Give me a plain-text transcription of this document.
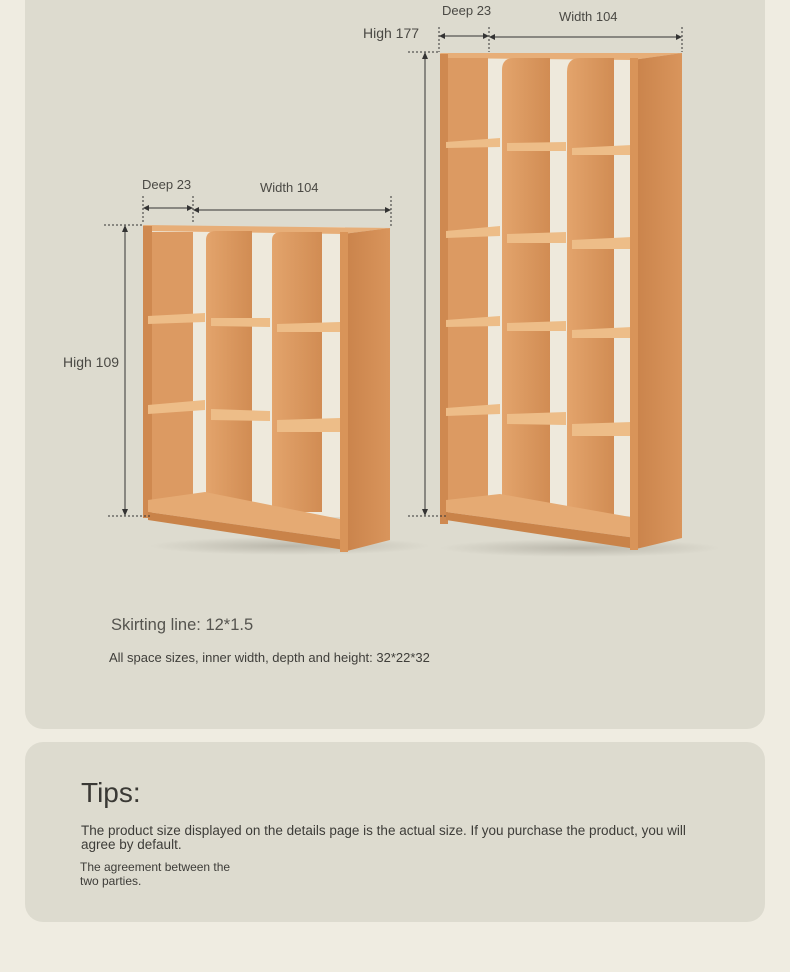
Deep 23	Width 104
High 109
Deep 23	Width 104
High 177
Skirting line: 12*1.5
All space sizes, inner width, depth and height: 32*22*32
Tips:
The product size displayed on the details page is the actual size. If you purchase the product, you will agree by default.
The agreement between the two parties.
